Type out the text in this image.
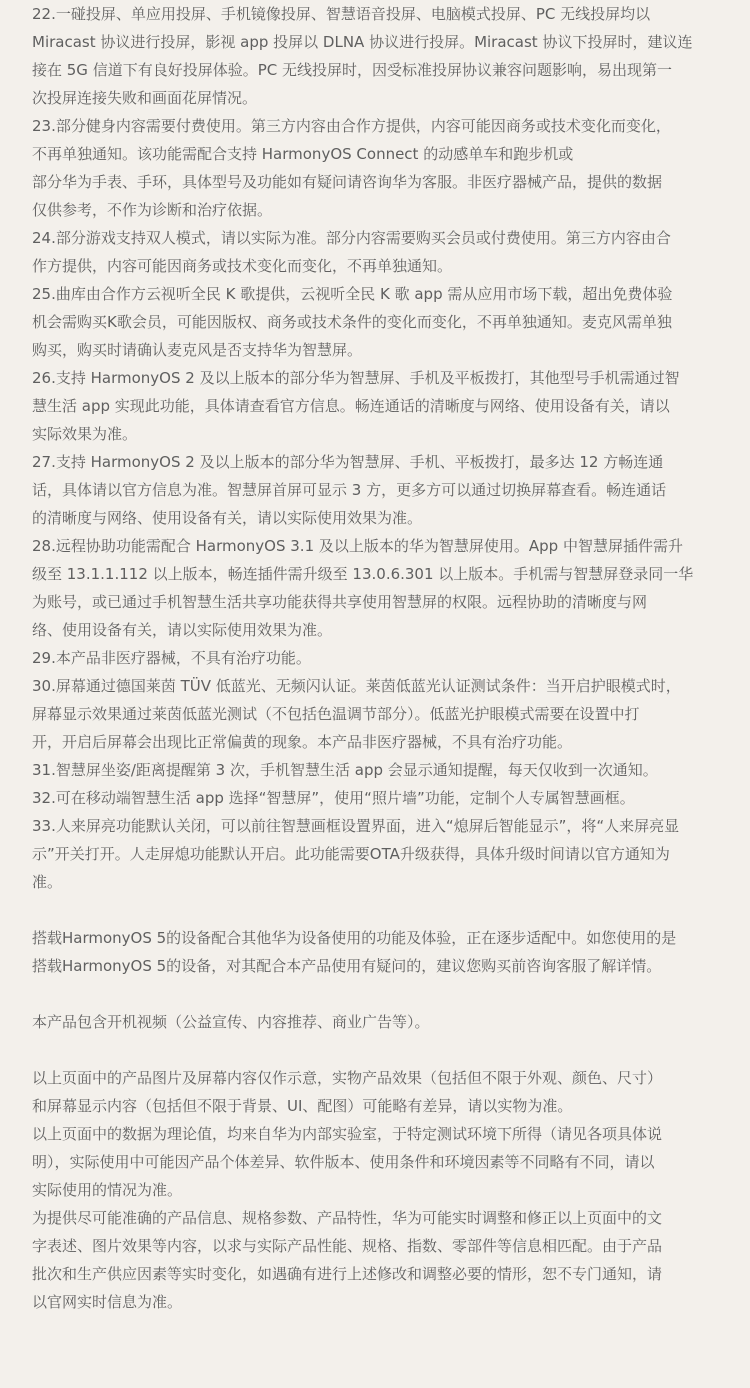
22.一碰投屏、单应用投屏、手机镜像投屏、智慧语音投屏、电脑模式投屏、PC 无线投屏均以

Miracast 协议进行投屏，影视 app 投屏以 DLNA 协议进行投屏。Miracast 协议下投屏时，建议连

接在 5G 信道下有良好投屏体验。PC 无线投屏时，因受标准投屏协议兼容问题影响，易出现第一

次投屏连接失败和画面花屏情况。

23.部分健身内容需要付费使用。第三方内容由合作方提供，内容可能因商务或技术变化而变化，

不再单独通知。该功能需配合支持 HarmonyOS Connect 的动感单车和跑步机或

部分华为手表、手环，具体型号及功能如有疑问请咨询华为客服。非医疗器械产品，提供的数据

仅供参考，不作为诊断和治疗依据。

24.部分游戏支持双人模式，请以实际为准。部分内容需要购买会员或付费使用。第三方内容由合

作方提供，内容可能因商务或技术变化而变化，不再单独通知。

25.曲库由合作方云视听全民 K 歌提供，云视听全民 K 歌 app 需从应用市场下载，超出免费体验

机会需购买K歌会员，可能因版权、商务或技术条件的变化而变化，不再单独通知。麦克风需单独

购买，购买时请确认麦克风是否支持华为智慧屏。

26.支持 HarmonyOS 2 及以上版本的部分华为智慧屏、手机及平板拨打，其他型号手机需通过智

慧生活 app 实现此功能，具体请查看官方信息。畅连通话的清晰度与网络、使用设备有关，请以

实际效果为准。

27.支持 HarmonyOS 2 及以上版本的部分华为智慧屏、手机、平板拨打，最多达 12 方畅连通

话，具体请以官方信息为准。智慧屏首屏可显示 3 方，更多方可以通过切换屏幕查看。畅连通话

的清晰度与网络、使用设备有关，请以实际使用效果为准。

28.远程协助功能需配合 HarmonyOS 3.1 及以上版本的华为智慧屏使用。App 中智慧屏插件需升

级至 13.1.1.112 以上版本，畅连插件需升级至 13.0.6.301 以上版本。手机需与智慧屏登录同一华

为账号，或已通过手机智慧生活共享功能获得共享使用智慧屏的权限。远程协助的清晰度与网

络、使用设备有关，请以实际使用效果为准。

29.本产品非医疗器械，不具有治疗功能。

30.屏幕通过德国莱茵 TÜV 低蓝光、无频闪认证。莱茵低蓝光认证测试条件：当开启护眼模式时，

屏幕显示效果通过莱茵低蓝光测试（不包括色温调节部分）。低蓝光护眼模式需要在设置中打

开，开启后屏幕会出现比正常偏黄的现象。本产品非医疗器械，不具有治疗功能。

31.智慧屏坐姿/距离提醒第 3 次，手机智慧生活 app 会显示通知提醒，每天仅收到一次通知。

32.可在移动端智慧生活 app 选择“智慧屏”，使用“照片墙”功能，定制个人专属智慧画框。

33.人来屏亮功能默认关闭，可以前往智慧画框设置界面，进入“熄屏后智能显示”，将“人来屏亮显

示”开关打开。人走屏熄功能默认开启。此功能需要OTA升级获得，具体升级时间请以官方通知为

准。

搭载HarmonyOS 5的设备配合其他华为设备使用的功能及体验，正在逐步适配中。如您使用的是

搭载HarmonyOS 5的设备，对其配合本产品使用有疑问的，建议您购买前咨询客服了解详情。

本产品包含开机视频（公益宣传、内容推荐、商业广告等）。

以上页面中的产品图片及屏幕内容仅作示意，实物产品效果（包括但不限于外观、颜色、尺寸）

和屏幕显示内容（包括但不限于背景、UI、配图）可能略有差异，请以实物为准。

以上页面中的数据为理论值，均来自华为内部实验室，于特定测试环境下所得（请见各项具体说

明），实际使用中可能因产品个体差异、软件版本、使用条件和环境因素等不同略有不同，请以

实际使用的情况为准。

为提供尽可能准确的产品信息、规格参数、产品特性，华为可能实时调整和修正以上页面中的文

字表述、图片效果等内容，以求与实际产品性能、规格、指数、零部件等信息相匹配。由于产品

批次和生产供应因素等实时变化，如遇确有进行上述修改和调整必要的情形，恕不专门通知，请

以官网实时信息为准。
